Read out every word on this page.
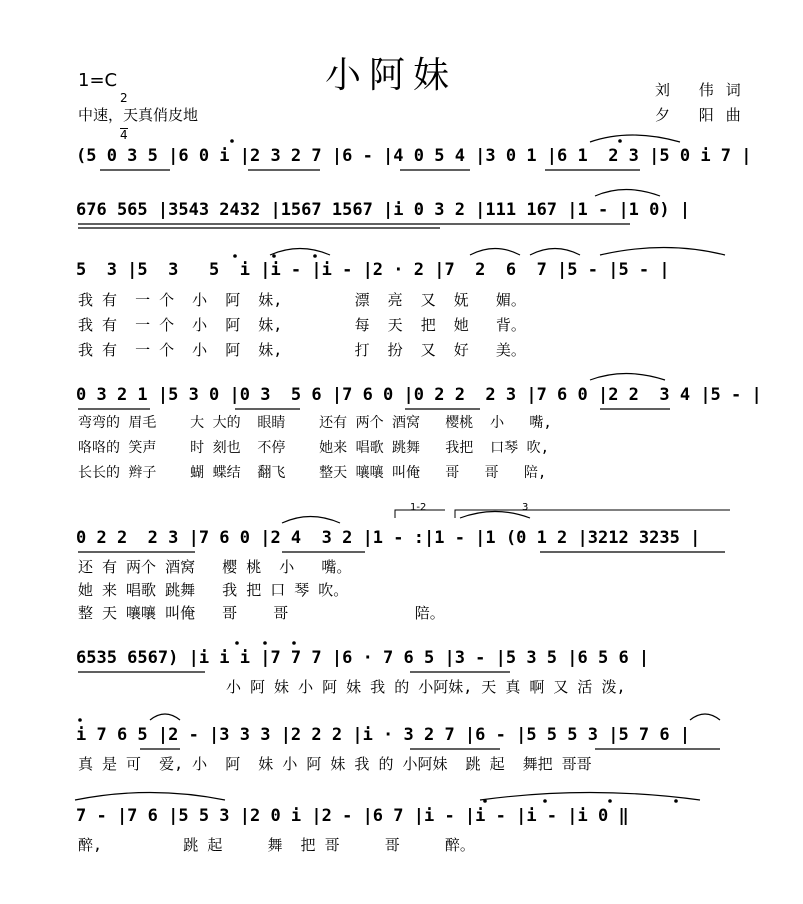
小阿妹
1=C

$\frac{2}{4}$

中速，天真俏皮地
刘 伟词
夕 阳曲
(5 0 3 5 |6 0 i |2 3 2 7 |6 - |4 0 5 4 |3 0 1 |6 1  2 3 |5 0 i 7 |
676 565 |3543 2432 |1567 1567 |i 0 3 2 |111 167 |1 - |1 0) |
5  3 |5  3   5  i |i - |i - |2 · 2 |7  2  6  7 |5 - |5 - |
我 有  一 个  小  阿  妹,        漂  亮  又  妩   媚。
我 有  一 个  小  阿  妹,        每  天  把  她   背。
我 有  一 个  小  阿  妹,        打  扮  又  好   美。
0 3 2 1 |5 3 0 |0 3  5 6 |7 6 0 |0 2 2  2 3 |7 6 0 |2 2  3 4 |5 - |
弯弯的 眉毛    大 大的  眼睛    还有 两个 酒窝   樱桃  小   嘴,
咯咯的 笑声    时 刻也  不停    她来 唱歌 跳舞   我把  口琴 吹,
长长的 辫子    蝴 蝶结  翻飞    整天 嚷嚷 叫俺   哥   哥   陪,
1-2	3
0 2 2  2 3 |7 6 0 |2 4  3 2 |1 - :|1 - |1 (0 1 2 |3212 3235 |
还 有 两个 酒窝   樱 桃  小   嘴。
她 来 唱歌 跳舞   我 把 口 琴 吹。
整 天 嚷嚷 叫俺   哥    哥              陪。
6535 6567) |i i i |7 7 7 |6 · 7 6 5 |3 - |5 3 5 |6 5 6 |
小 阿 妹 小 阿 妹 我 的 小阿妹, 天 真 啊 又 活 泼,
i 7 6 5 |2 - |3 3 3 |2 2 2 |i · 3 2 7 |6 - |5 5 5 3 |5 7 6 |
真 是 可  爱, 小  阿  妹 小 阿 妹 我 的 小阿妹  跳 起  舞把 哥哥
7 - |7 6 |5 5 3 |2 0 i |2 - |6 7 |i - |i - |i - |i 0 ‖
醉,         跳 起     舞  把 哥     哥     醉。
